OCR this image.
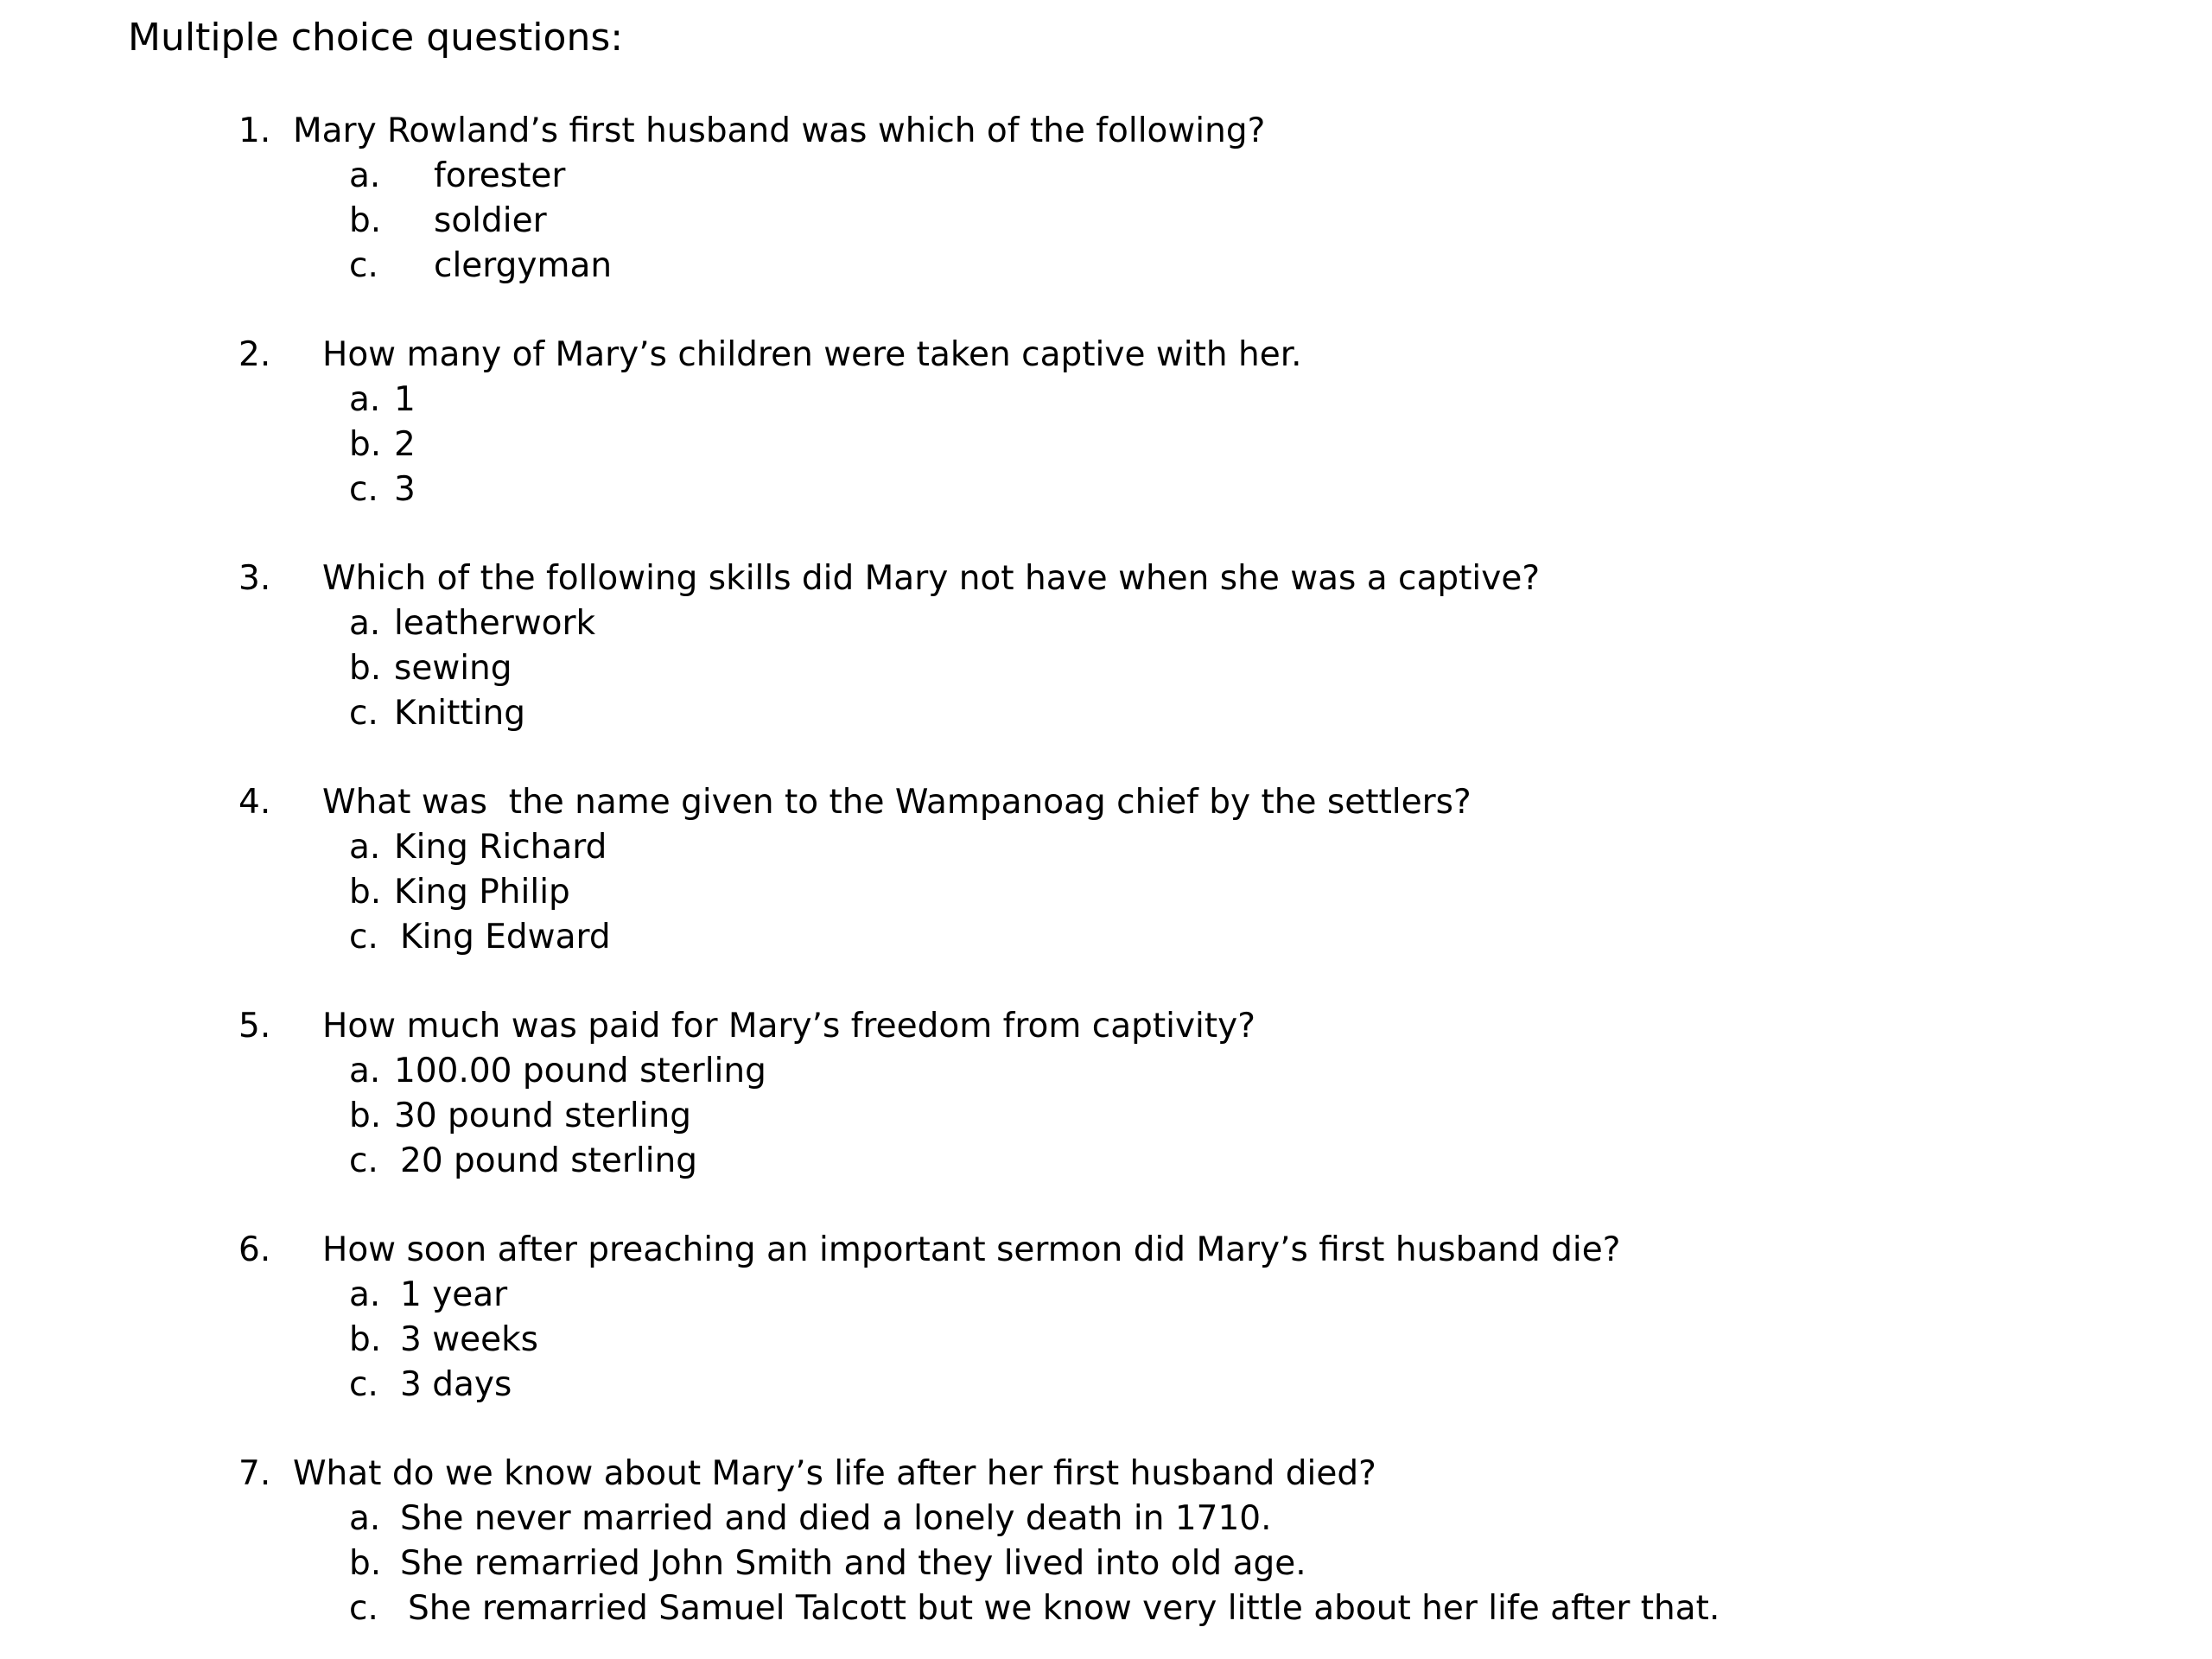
Multiple choice questions:
1. Mary Rowland’s first husband was which of the following?
a. forester
b. soldier
c. clergyman
2. How many of Mary’s children were taken captive with her.
a. 1
b. 2
c. 3
3. Which of the following skills did Mary not have when she was a captive?
a. leatherwork
b. sewing
c. Knitting
4. What was  the name given to the Wampanoag chief by the settlers?
a. King Richard
b. King Philip
c. King Edward
5. How much was paid for Mary’s freedom from captivity?
a. 100.00 pound sterling
b. 30 pound sterling
c. 20 pound sterling
6. How soon after preaching an important sermon did Mary’s first husband die?
a. 1 year
b. 3 weeks
c. 3 days
7. What do we know about Mary’s life after her first husband died?
a. She never married and died a lonely death in 1710.
b. She remarried John Smith and they lived into old age.
c. She remarried Samuel Talcott but we know very little about her life after that.
